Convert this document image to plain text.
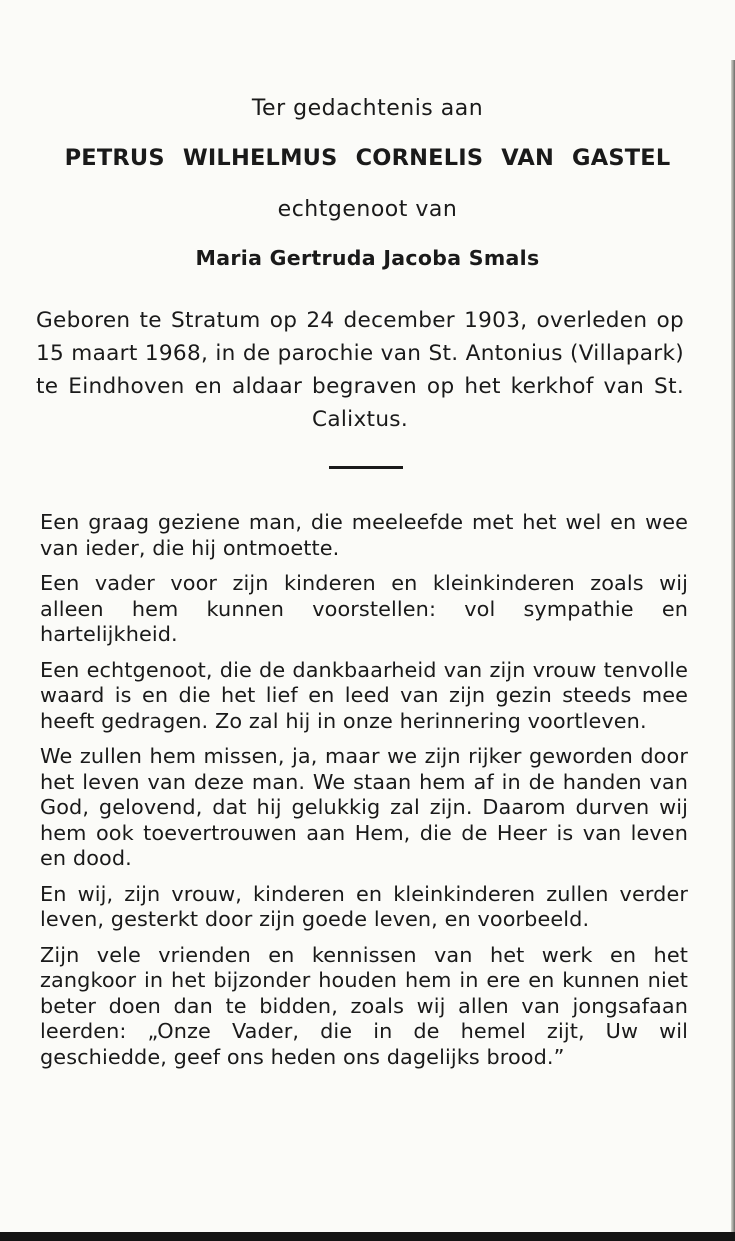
Ter gedachtenis aan

PETRUS WILHELMUS CORNELIS VAN GASTEL

echtgenoot van

Maria Gertruda Jacoba Smals

Geboren te Stratum op 24 december 1903, overleden op 15 maart 1968, in de parochie van St. Antonius (Villapark) te Eindhoven en aldaar begraven op het kerkhof van St. Calixtus.

Een graag geziene man, die meeleefde met het wel en wee van ieder, die hij ontmoette.

Een vader voor zijn kinderen en kleinkinderen zoals wij alleen hem kunnen voorstellen: vol sympathie en hartelijkheid.

Een echtgenoot, die de dankbaarheid van zijn vrouw tenvolle waard is en die het lief en leed van zijn gezin steeds mee heeft gedragen. Zo zal hij in onze herinnering voortleven.

We zullen hem missen, ja, maar we zijn rijker geworden door het leven van deze man. We staan hem af in de handen van God, gelovend, dat hij gelukkig zal zijn. Daarom durven wij hem ook toevertrouwen aan Hem, die de Heer is van leven en dood.

En wij, zijn vrouw, kinderen en kleinkinderen zullen verder leven, gesterkt door zijn goede leven, en voorbeeld.

Zijn vele vrienden en kennissen van het werk en het zangkoor in het bijzonder houden hem in ere en kunnen niet beter doen dan te bidden, zoals wij allen van jongsafaan leerden: „Onze Vader, die in de hemel zijt, Uw wil geschiedde, geef ons heden ons dagelijks brood.”
